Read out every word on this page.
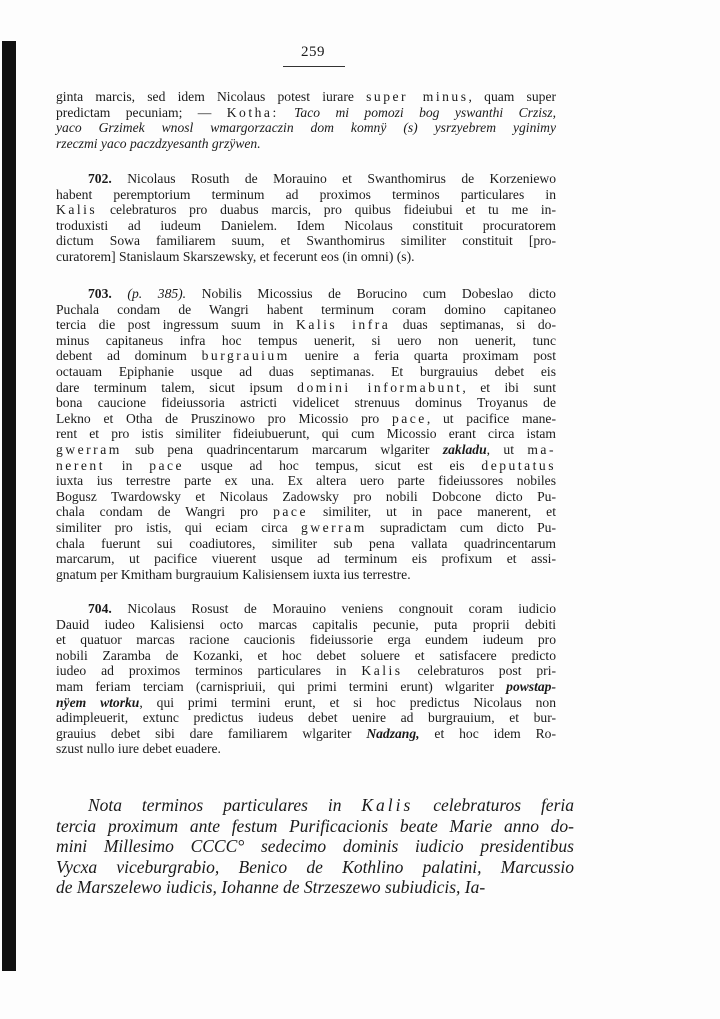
259
ginta marcis, sed idem Nicolaus potest iurare super minus, quam super
predictam pecuniam; — Kotha: Taco mi pomozi bog yswanthi Crzisz,
yaco Grzimek wnosl wmargorzaczin dom komnÿ (s) ysrzyebrem yginimy
rzeczmi yaco paczdzyesanth grzÿwen.
702. Nicolaus Rosuth de Morauino et Swanthomirus de Korzeniewo
habent peremptorium terminum ad proximos terminos particulares in
Kalis celebraturos pro duabus marcis, pro quibus fideiubui et tu me in-
troduxisti ad iudeum Danielem. Idem Nicolaus constituit procuratorem
dictum Sowa familiarem suum, et Swanthomirus similiter constituit [pro-
curatorem] Stanislaum Skarszewsky, et fecerunt eos (in omni) (s).
703. (p. 385). Nobilis Micossius de Borucino cum Dobeslao dicto
Puchala condam de Wangri habent terminum coram domino capitaneo
tercia die post ingressum suum in Kalis infra duas septimanas, si do-
minus capitaneus infra hoc tempus uenerit, si uero non uenerit, tunc
debent ad dominum burgrauium uenire a feria quarta proximam post
octauam Epiphanie usque ad duas septimanas. Et burgrauius debet eis
dare terminum talem, sicut ipsum domini informabunt, et ibi sunt
bona caucione fideiussoria astricti videlicet strenuus dominus Troyanus de
Lekno et Otha de Pruszinowo pro Micossio pro pace, ut pacifice mane-
rent et pro istis similiter fideiubuerunt, qui cum Micossio erant circa istam
gwerram sub pena quadrincentarum marcarum wlgariter zakladu, ut ma-
nerent in pace usque ad hoc tempus, sicut est eis deputatus
iuxta ius terrestre parte ex una. Ex altera uero parte fideiussores nobiles
Bogusz Twardowsky et Nicolaus Zadowsky pro nobili Dobcone dicto Pu-
chala condam de Wangri pro pace similiter, ut in pace manerent, et
similiter pro istis, qui eciam circa gwerram supradictam cum dicto Pu-
chala fuerunt sui coadiutores, similiter sub pena vallata quadrincentarum
marcarum, ut pacifice viuerent usque ad terminum eis profixum et assi-
gnatum per Kmitham burgrauium Kalisiensem iuxta ius terrestre.
704. Nicolaus Rosust de Morauino veniens congnouit coram iudicio
Dauid iudeo Kalisiensi octo marcas capitalis pecunie, puta proprii debiti
et quatuor marcas racione caucionis fideiussorie erga eundem iudeum pro
nobili Zaramba de Kozanki, et hoc debet soluere et satisfacere predicto
iudeo ad proximos terminos particulares in Kalis celebraturos post pri-
mam feriam terciam (carnispriuii, qui primi termini erunt) wlgariter powstap-
nÿem wtorku, qui primi termini erunt, et si hoc predictus Nicolaus non
adimpleuerit, extunc predictus iudeus debet uenire ad burgrauium, et bur-
grauius debet sibi dare familiarem wlgariter Nadzang, et hoc idem Ro-
szust nullo iure debet euadere.
Nota terminos particulares in Kalis celebraturos feria
tercia proximum ante festum Purificacionis beate Marie anno do-
mini Millesimo CCCC° sedecimo dominis iudicio presidentibus
Vycxa viceburgrabio, Benico de Kothlino palatini, Marcussio
de Marszelewo iudicis, Iohanne de Strzeszewo subiudicis, Ia-
